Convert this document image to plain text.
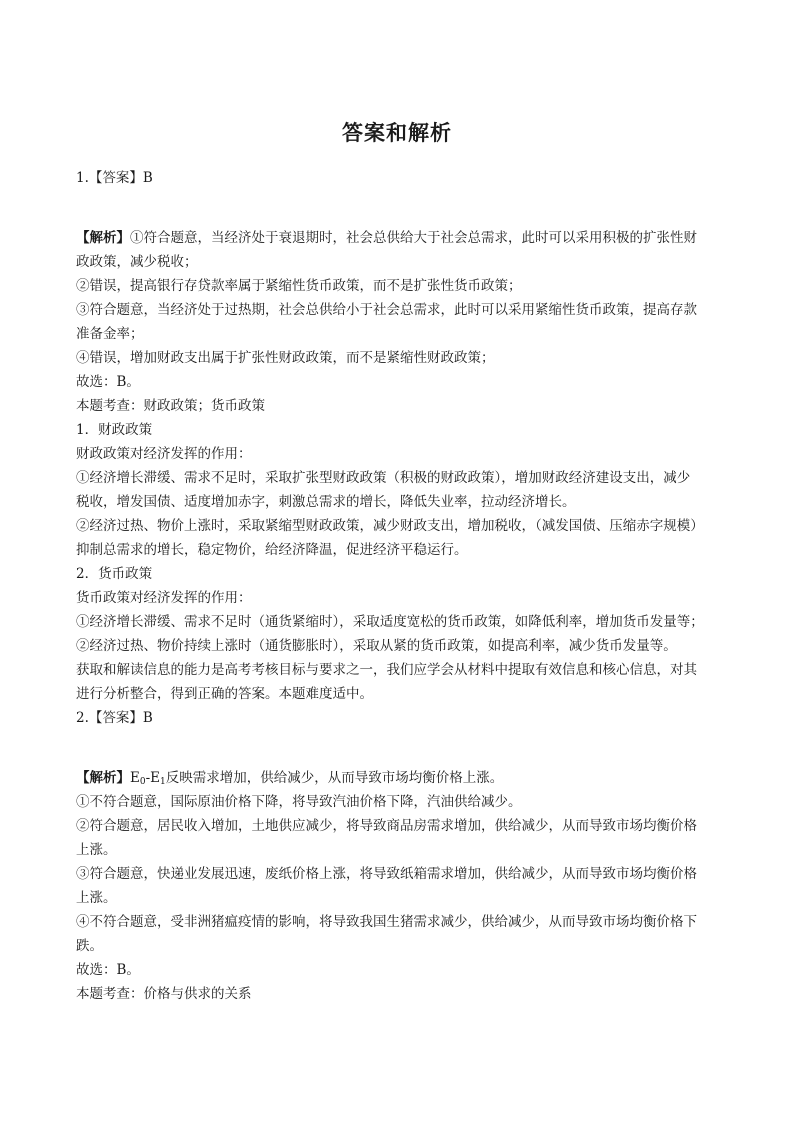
答案和解析
1.【答案】B
【解析】①符合题意，当经济处于衰退期时，社会总供给大于社会总需求，此时可以采用积极的扩张性财
政政策，减少税收；
②错误，提高银行存贷款率属于紧缩性货币政策，而不是扩张性货币政策；
③符合题意，当经济处于过热期，社会总供给小于社会总需求，此时可以采用紧缩性货币政策，提高存款
准备金率；
④错误，增加财政支出属于扩张性财政政策，而不是紧缩性财政政策；
故选：B。
本题考查：财政政策；货币政策
1．财政政策
财政政策对经济发挥的作用：
①经济增长滞缓、需求不足时，采取扩张型财政政策（积极的财政政策），增加财政经济建设支出，减少
税收，增发国债、适度增加赤字，刺激总需求的增长，降低失业率，拉动经济增长。
②经济过热、物价上涨时，采取紧缩型财政政策，减少财政支出，增加税收，（减发国债、压缩赤字规模）
抑制总需求的增长，稳定物价，给经济降温，促进经济平稳运行。
2．货币政策
货币政策对经济发挥的作用：
①经济增长滞缓、需求不足时（通货紧缩时），采取适度宽松的货币政策，如降低利率，增加货币发量等；
②经济过热、物价持续上涨时（通货膨胀时），采取从紧的货币政策，如提高利率，减少货币发量等。
获取和解读信息的能力是高考考核目标与要求之一，我们应学会从材料中提取有效信息和核心信息，对其
进行分析整合，得到正确的答案。本题难度适中。
2.【答案】B
【解析】$E_0-E_1$反映需求增加，供给减少，从而导致市场均衡价格上涨。
①不符合题意，国际原油价格下降，将导致汽油价格下降，汽油供给减少。
②符合题意，居民收入增加，土地供应减少，将导致商品房需求增加，供给减少，从而导致市场均衡价格
上涨。
③符合题意，快递业发展迅速，废纸价格上涨，将导致纸箱需求增加，供给减少，从而导致市场均衡价格
上涨。
④不符合题意，受非洲猪瘟疫情的影响，将导致我国生猪需求减少，供给减少，从而导致市场均衡价格下
跌。
故选：B。
本题考查：价格与供求的关系
